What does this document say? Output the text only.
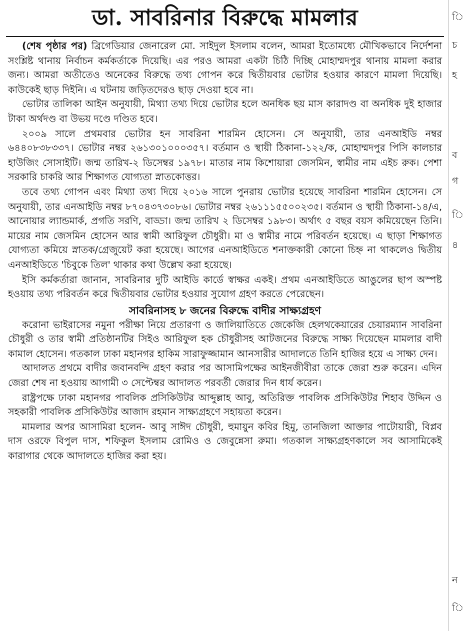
ডা. সাবরিনার বিরুদ্ধে মামলার

(শেষ পৃষ্ঠার পর) ব্রিগেডিয়ার জেনারেল মো. সাইদুল ইসলাম বলেন, আমরা ইতোমধ্যে মৌখিকভাবে নির্দেশনা সংশ্লিষ্ট থানায় নির্বাচন কর্মকর্তাকে দিয়েছি। এর পরও আমরা একটা চিঠি দিচ্ছি মোহাম্মদপুর থানায় মামলা করার জন্য। আমরা অতীতেও অনেকের বিরুদ্ধে তথ্য গোপন করে দ্বিতীয়বার ভোটার হওয়ার কারণে মামলা দিয়েছি। কাউকেই ছাড় দিইনি। এ ঘটনায় জড়িতদেরও ছাড় দেওয়া হবে না।

ভোটার তালিকা আইন অনুযায়ী, মিথ্যা তথ্য দিয়ে ভোটার হলে অনধিক ছয় মাস কারাদণ্ড বা অনধিক দুই হাজার টাকা অর্থদণ্ড বা উভয় দণ্ডে দণ্ডিত হবে।

২০০৯ সালে প্রথমবার ভোটার হন সাবরিনা শারমিন হোসেন। সে অনুযায়ী, তার এনআইডি নম্বর ৬৪৪০৮৩৮৩৩৭। ভোটার নম্বর ২৬১৩০১০০০৩৫৭। বর্তমান ও স্থায়ী ঠিকানা-১২২/ক, মোহাম্মদপুর পিসি কালচার হাউজিং সোসাইটি। জন্ম তারিখ-২ ডিসেম্বর ১৯৭৮। মাতার নাম কিশোয়ারা জেসমিন, স্বামীর নাম এইচ রুক। পেশা সরকারি চাকরি আর শিক্ষাগত যোগ্যতা স্নাতকোত্তর।

তবে তথ্য গোপন এবং মিথ্যা তথ্য দিয়ে ২০১৬ সালে পুনরায় ভোটার হয়েছে সাবরিনা শারমিন হোসেন। সে অনুযায়ী, তার এনআইডি নম্বর ৮৭০৪৩৭৩০৮৬। ভোটার নম্বর ২৬১১১৫৫০০২৩৫। বর্তমান ও স্থায়ী ঠিকানা-১৪/এ, আনোয়ার ল্যান্ডমার্ক, প্রগতি সরণি, বাড্ডা। জন্ম তারিখ ২ ডিসেম্বর ১৯৮৩। অর্থাৎ ৫ বছর বয়স কমিয়েছেন তিনি। মায়ের নাম জেসমিন হোসেন আর স্বামী আরিফুল চৌধুরী। মা ও স্বামীর নামে পরিবর্তন হয়েছে। এ ছাড়া শিক্ষাগত যোগ্যতা কমিয়ে স্নাতক/গ্রেজুয়েট করা হয়েছে। আগের এনআইডিতে শনাক্তকারী কোনো চিহ্ন না থাকলেও দ্বিতীয় এনআইডিতে 'চিবুকে তিল' থাকার কথা উল্লেখ করা হয়েছে।

ইসি কর্মকর্তারা জানান, সাবরিনার দুটি আইডি কার্ডে স্বাক্ষর একই। প্রথম এনআইডিতে আঙুলের ছাপ অস্পষ্ট হওয়ায় তথ্য পরিবর্তন করে দ্বিতীয়বার ভোটার হওয়ার সুযোগ গ্রহণ করতে পেরেছেন।

সাবরিনাসহ ৮ জনের বিরুদ্ধে বাদীর সাক্ষ্যগ্রহণ

করোনা ভাইরাসের নমুনা পরীক্ষা নিয়ে প্রতারণা ও জালিয়াতিতে জেকেজি হেলথকেয়ারের চেয়ারম্যান সাবরিনা চৌধুরী ও তার স্বামী প্রতিষ্ঠানটির সিইও আরিফুল হক চৌধুরীসহ আটজনের বিরুদ্ধে সাক্ষ্য দিয়েছেন মামলার বাদী কামাল হোসেন। গতকাল ঢাকা মহানগর হাকিম সারাফুজ্জামান আনসারীর আদালতে তিনি হাজির হয়ে এ সাক্ষ্য দেন।

আদালত প্রথমে বাদীর জবানবন্দি গ্রহণ করার পর আসামিপক্ষের আইনজীবীরা তাকে জেরা শুরু করেন। এদিন জেরা শেষ না হওয়ায় আগামী ৩ সেপ্টেম্বর আদালত পরবর্তী জেরার দিন ধার্য করেন।

রাষ্ট্রপক্ষে ঢাকা মহানগর পাবলিক প্রসিকিউটর আব্দুল্লাহ আবু, অতিরিক্ত পাবলিক প্রসিকিউটর শিহাব উদ্দিন ও সহকারী পাবলিক প্রসিকিউটর আজাদ রহমান সাক্ষ্যগ্রহণে সহায়তা করেন।

মামলার অপর আসামিরা হলেন- আবু সাঈদ চৌধুরী, হুমায়ুন কবির হিমু, তানজিলা আক্তার পাটোয়ারী, বিপ্লব দাস ওরফে বিপুল দাস, শফিকুল ইসলাম রোমিও ও জেবুন্নেসা রুমা। গতকাল সাক্ষ্যগ্রহণকালে সব আসামিকেই কারাগার থেকে আদালতে হাজির করা হয়।

ি
চ
হ
ব
গ
ি
৪
ন
ি
